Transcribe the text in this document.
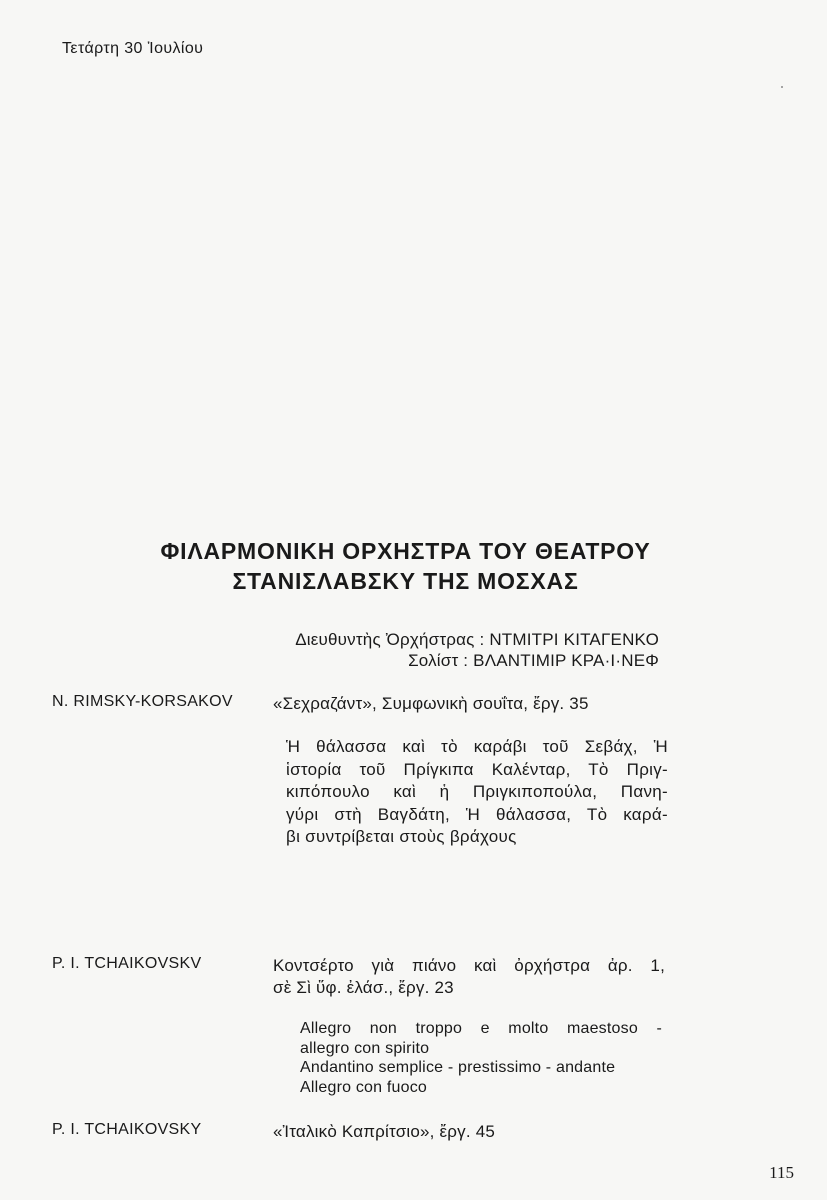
Τετάρτη 30 Ἰουλίου
ΦΙΛΑΡΜΟΝΙΚΗ ΟΡΧΗΣΤΡΑ ΤΟΥ ΘΕΑΤΡΟΥ
ΣΤΑΝΙΣΛΑΒΣΚΥ ΤΗΣ ΜΟΣΧΑΣ
Διευθυντὴς Ὀρχήστρας : ΝΤΜΙΤΡΙ ΚΙΤΑΓΕΝΚΟ
Σολίστ : ΒΛΑΝΤΙΜΙΡ ΚΡΑ·Ι·ΝΕΦ
N. RIMSKY-KORSAKOV «Σεχραζάντ», Συμφωνικὴ σουΐτα, ἔργ. 35
Ἡ θάλασσα καὶ τὸ καράβι τοῦ Σεβάχ, Ἡ
ἱστορία τοῦ Πρίγκιπα Καλένταρ, Τὸ Πριγ-
κιπόπουλο καὶ ἡ Πριγκιποπούλα, Πανη-
γύρι στὴ Βαγδάτη, Ἡ θάλασσα, Τὸ καρά-
βι συντρίβεται στοὺς βράχους
P. I. TCHAIKOVSKV	Κοντσέρτο γιὰ πιάνο καὶ ὀρχήστρα ἀρ. 1,
σὲ Σὶ ὕφ. ἐλάσ., ἔργ. 23
Allegro non troppo e molto maestoso -
allegro con spirito
Andantino semplice - prestissimo - andante
Allegro con fuoco
P. I. TCHAIKOVSKY	«Ἰταλικὸ Καπρίτσιο», ἔργ. 45
115
